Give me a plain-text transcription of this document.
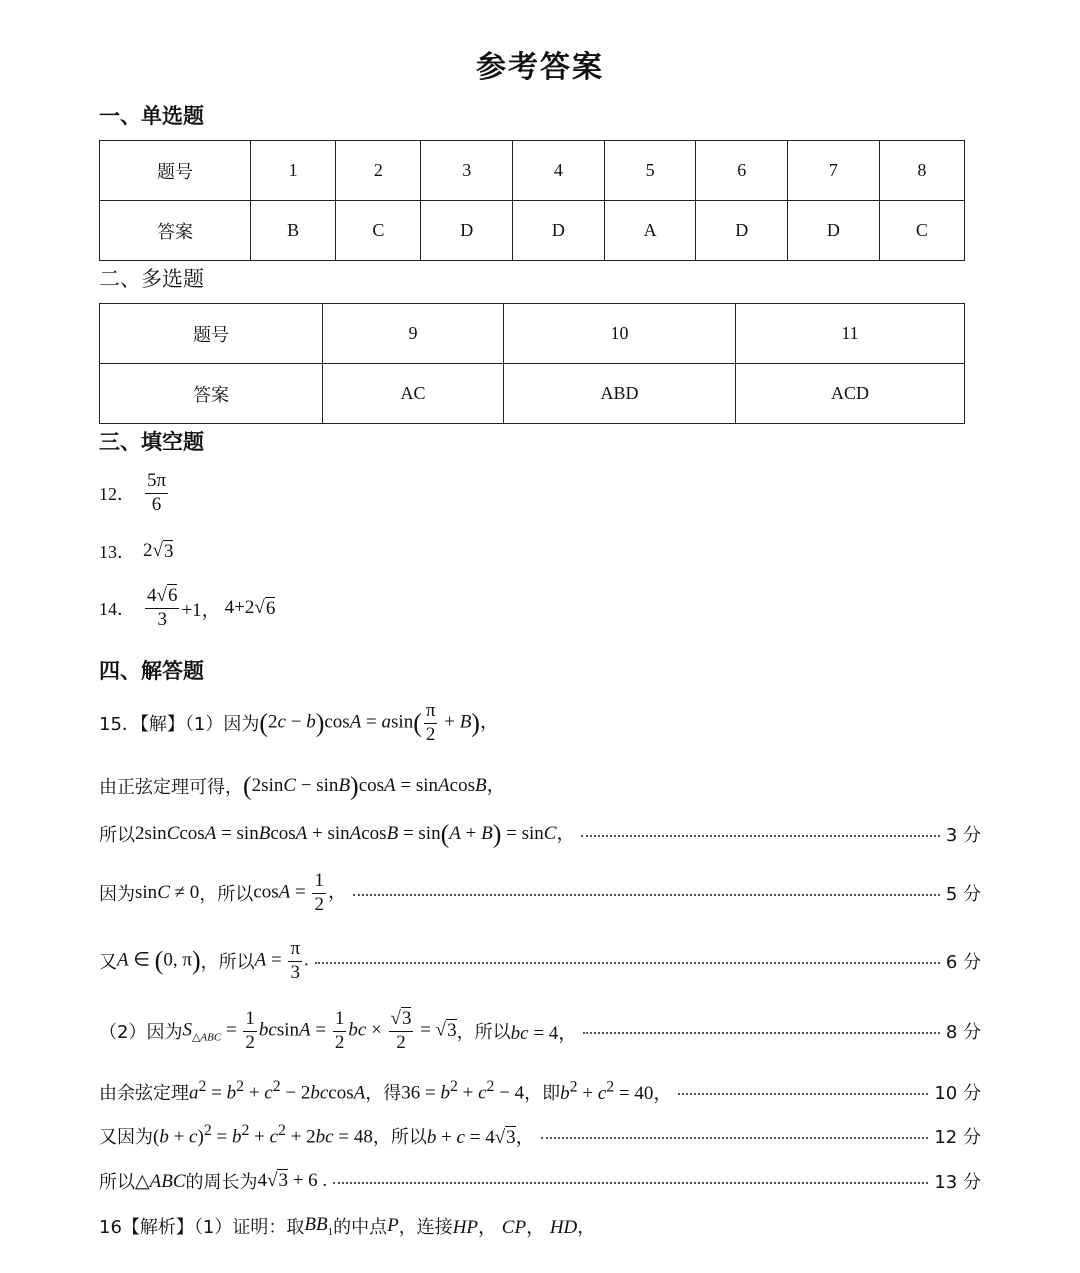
参考答案
一、单选题
题号	1	2	3	4	5	6	7	8
答案	B	C	D	D	A	D	D	C
二、多选题
题号	9	10	11
答案	AC	ABD	ACD
三、填空题
12． $\frac{5\pi}{6}$
13． 2 √ 3
14． $\frac{4√6}{3} +1$， 4+2 √ 6
四、解答题
15．【解】（1）因为 $(2c - b)\cos A = asin( \frac{\pi}{2} + B)$，
由正弦定理可得， (2sinC − sinB)cosA = sinAcosB，
所以 2sinCcosA = sinBcosA + sinAcosB = sin(A + B) = sinC，	3 分
因为 sinC ≠ 0 ，所以 $\cos A = \frac{1}{2}$ ，	5 分
又 A ∈ (0, π) ，所以 $A = \frac{\pi}{3}$ .	6 分
（2）因为 $S_{\triangle ABC} = \frac{1}{2}$ $bcsinA = \frac{1}{2}$ bc × $\frac{√3}{2} = √3$ ，所以 bc = 4，	8 分
由余弦定理 $a^2 = b^2 + c^2 - 2bccosA$ ，得 $36 = b^2 + c^2 - 4$ ，即 $b^2 + c^2 = 40$，	10 分
又因为 $(b + c)^2 = b^2 + c^2 + 2bc = 48$ ，所以 b + c = 4√3，	12 分
所以 △ABC 的周长为 4√3 + 6 .	13 分
16【解析】（1）证明：取 $BB_1$ 的中点 P ，连接 HP， CP， HD ，
